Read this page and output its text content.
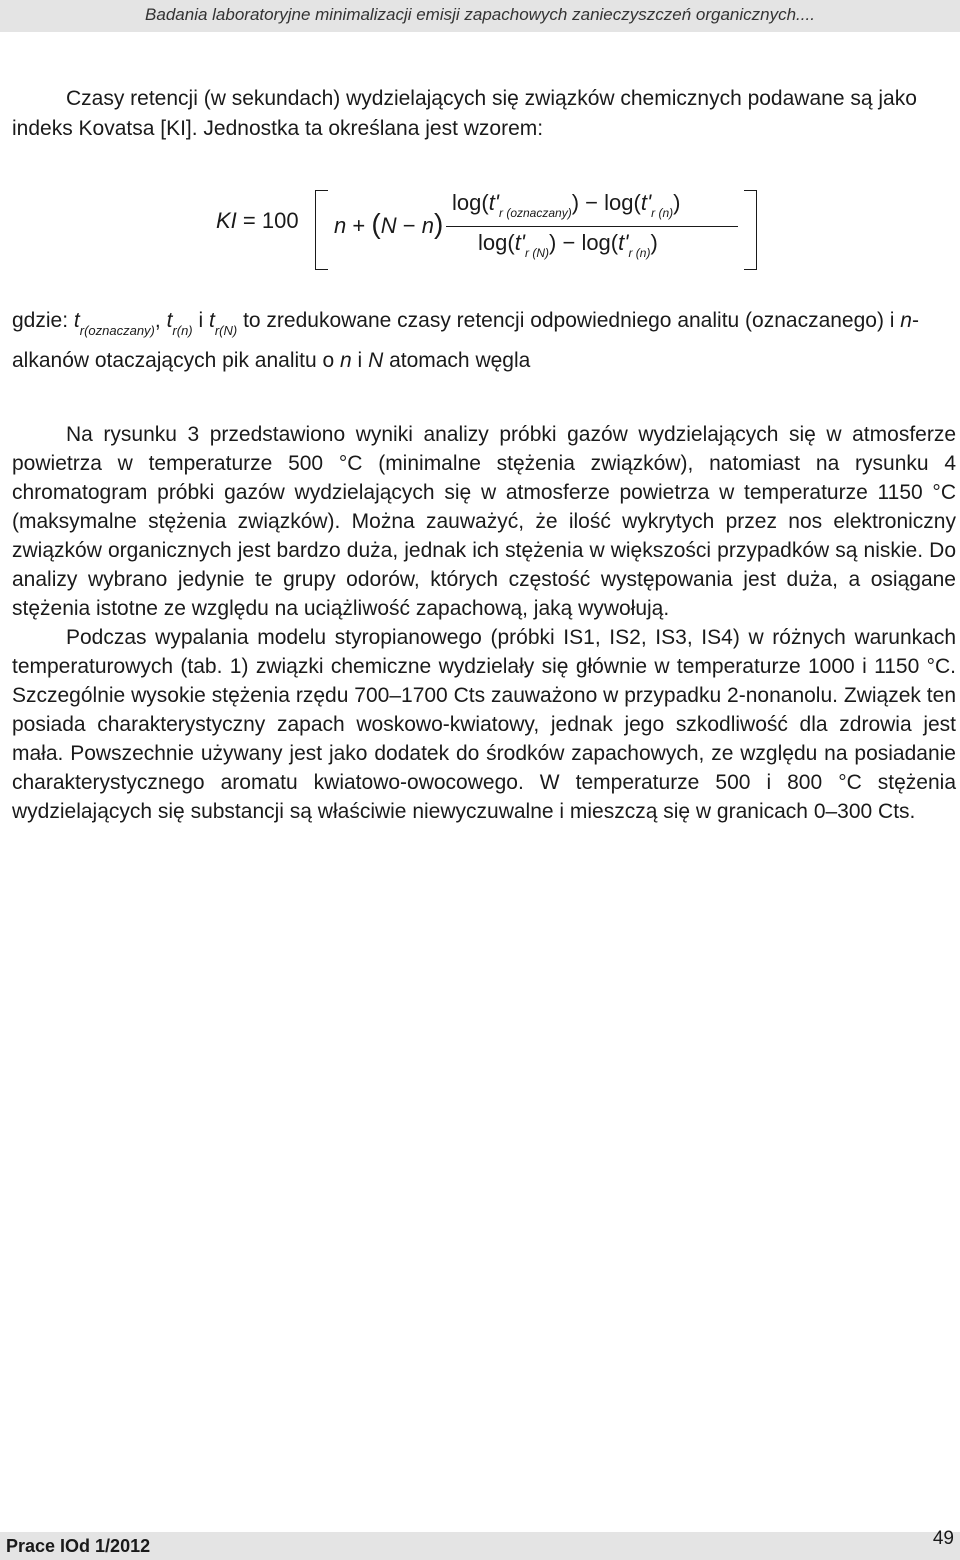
Badania laboratoryjne minimalizacji emisji zapachowych zanieczyszczeń organicznych....

Czasy retencji (w sekundach) wydzielających się związków chemicznych podawane są jako indeks Kovatsa [KI]. Jednostka ta określana jest wzorem:

KI = 100 n + (N − n)
$\log(t'_{r (oznaczany)}) - \log(t'_{r (n)})$
$\log(t'_{r (N)}) - \log(t'_{r (n)})$

gdzie: $t_{r(oznaczany)}$, $t_{r(n)}$ i $t_{r(N)}$ to zredukowane czasy retencji odpowiedniego analitu (oznaczanego) i n-alkanów otaczających pik analitu o n i N atomach węgla

Na rysunku 3 przedstawiono wyniki analizy próbki gazów wydzielających się w atmosferze powietrza w temperaturze 500 °C (minimalne stężenia związków), natomiast na rysunku 4 chromatogram próbki gazów wydzielających się w atmosferze powietrza w temperaturze 1150 °C (maksymalne stężenia związków). Można zauważyć, że ilość wykrytych przez nos elektroniczny związków organicznych jest bardzo duża, jednak ich stężenia w większości przypadków są niskie. Do analizy wybrano jedynie te grupy odorów, których częstość występowania jest duża, a osiągane stężenia istotne ze względu na uciążliwość zapachową, jaką wywołują.

Podczas wypalania modelu styropianowego (próbki IS1, IS2, IS3, IS4) w różnych warunkach temperaturowych (tab. 1) związki chemiczne wydzielały się głównie w temperaturze 1000 i 1150 °C. Szczególnie wysokie stężenia rzędu 700–1700 Cts zauważono w przypadku 2-nonanolu. Związek ten posiada charakterystyczny zapach woskowo-kwiatowy, jednak jego szkodliwość dla zdrowia jest mała. Powszechnie używany jest jako dodatek do środków zapachowych, ze względu na posiadanie charakterystycznego aromatu kwiatowo-owocowego. W temperaturze 500 i 800 °C stężenia wydzielających się substancji są właściwie niewyczuwalne i mieszczą się w granicach 0–300 Cts.

Prace IOd 1/2012	49
